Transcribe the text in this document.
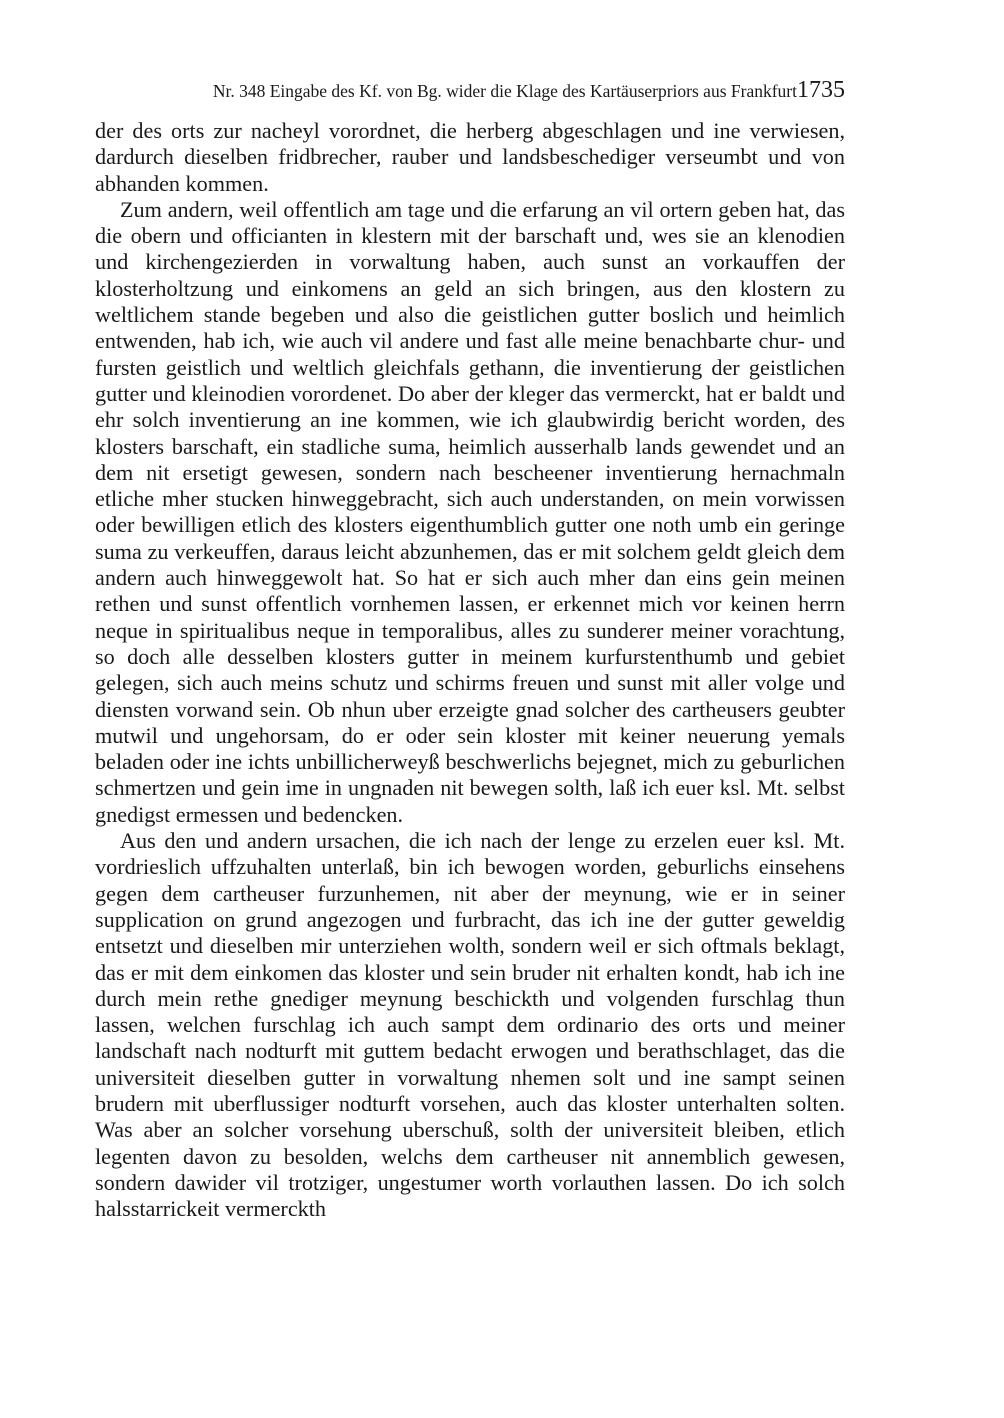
Nr. 348 Eingabe des Kf. von Bg. wider die Klage des Kartäuserpriors aus Frankfurt 1735

der des orts zur nacheyl vorordnet, die herberg abgeschlagen und ine verwiesen, dardurch dieselben fridbrecher, rauber und landsbeschediger verseumbt und von abhanden kommen.

Zum andern, weil offentlich am tage und die erfarung an vil ortern geben hat, das die obern und officianten in klestern mit der barschaft und, wes sie an klenodien und kirchengezierden in vorwaltung haben, auch sunst an vorkauffen der klosterholtzung und einkomens an geld an sich bringen, aus den klostern zu weltlichem stande begeben und also die geistlichen gutter boslich und heimlich entwenden, hab ich, wie auch vil andere und fast alle meine benachbarte chur- und fursten geistlich und weltlich gleichfals gethann, die inventierung der geistlichen gutter und kleinodien vorordenet. Do aber der kleger das vermerckt, hat er baldt und ehr solch inventierung an ine kommen, wie ich glaubwirdig bericht worden, des klosters barschaft, ein stadliche suma, heimlich ausserhalb lands gewendet und an dem nit ersetigt gewesen, sondern nach bescheener inventierung hernachmaln etliche mher stucken hinweggebracht, sich auch understanden, on mein vorwissen oder bewilligen etlich des klosters eigenthumblich gutter one noth umb ein geringe suma zu verkeuffen, daraus leicht abzunhemen, das er mit solchem geldt gleich dem andern auch hinweggewolt hat. So hat er sich auch mher dan eins gein meinen rethen und sunst offentlich vornhemen lassen, er erkennet mich vor keinen herrn neque in spiritualibus neque in temporalibus, alles zu sunderer meiner vorachtung, so doch alle desselben klosters gutter in meinem kurfurstenthumb und gebiet gelegen, sich auch meins schutz und schirms freuen und sunst mit aller volge und diensten vorwand sein. Ob nhun uber erzeigte gnad solcher des cartheusers geubter mutwil und ungehorsam, do er oder sein kloster mit keiner neuerung yemals beladen oder ine ichts unbillicherweyß beschwerlichs bejegnet, mich zu geburlichen schmertzen und gein ime in ungnaden nit bewegen solth, laß ich euer ksl. Mt. selbst gnedigst ermessen und bedencken.

Aus den und andern ursachen, die ich nach der lenge zu erzelen euer ksl. Mt. vordrieslich uffzuhalten unterlaß, bin ich bewogen worden, geburlichs einsehens gegen dem cartheuser furzunhemen, nit aber der meynung, wie er in seiner supplication on grund angezogen und furbracht, das ich ine der gutter geweldig entsetzt und dieselben mir unterziehen wolth, sondern weil er sich oftmals beklagt, das er mit dem einkomen das kloster und sein bruder nit erhalten kondt, hab ich ine durch mein rethe gnediger meynung beschickth und volgenden furschlag thun lassen, welchen furschlag ich auch sampt dem ordinario des orts und meiner landschaft nach nodturft mit guttem bedacht erwogen und berathschlaget, das die universiteit dieselben gutter in vorwaltung nhemen solt und ine sampt seinen brudern mit uberflussiger nodturft vorsehen, auch das kloster unterhalten solten. Was aber an solcher vorsehung uberschuß, solth der universiteit bleiben, etlich legenten davon zu besolden, welchs dem cartheuser nit annemblich gewesen, sondern dawider vil trotziger, ungestumer worth vorlauthen lassen. Do ich solch halsstarrickeit vermerckth
